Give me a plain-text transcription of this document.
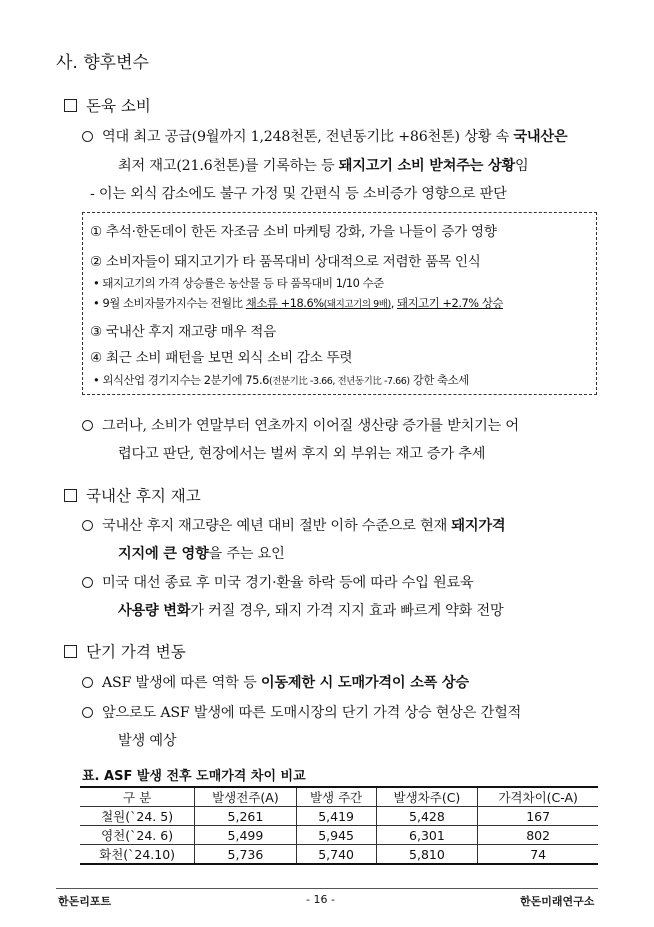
사. 향후변수
돈육 소비
역대 최고 공급(9월까지 1,248천톤, 전년동기比 +86천톤) 상황 속 국내산은
최저 재고(21.6천톤)를 기록하는 등 돼지고기 소비 받쳐주는 상황임
- 이는 외식 감소에도 불구 가정 및 간편식 등 소비증가 영향으로 판단
① 추석·한돈데이 한돈 자조금 소비 마케팅 강화, 가을 나들이 증가 영향
② 소비자들이 돼지고기가 타 품목대비 상대적으로 저렴한 품목 인식
• 돼지고기의 가격 상승률은 농산물 등 타 품목대비 1/10 수준
• 9월 소비자물가지수는 전월比 채소류 +18.6%(돼지고기의 9배), 돼지고기 +2.7% 상승
③ 국내산 후지 재고량 매우 적음
④ 최근 소비 패턴을 보면 외식 소비 감소 뚜렷
• 외식산업 경기지수는 2분기에 75.6(전분기比 -3.66, 전년동기比 -7.66) 강한 축소세
그러나, 소비가 연말부터 연초까지 이어질 생산량 증가를 받치기는 어
렵다고 판단, 현장에서는 벌써 후지 외 부위는 재고 증가 추세
국내산 후지 재고
국내산 후지 재고량은 예년 대비 절반 이하 수준으로 현재 돼지가격
지지에 큰 영향을 주는 요인
미국 대선 종료 후 미국 경기·환율 하락 등에 따라 수입 원료육
사용량 변화가 커질 경우, 돼지 가격 지지 효과 빠르게 약화 전망
단기 가격 변동
ASF 발생에 따른 역학 등 이동제한 시 도매가격이 소폭 상승
앞으로도 ASF 발생에 따른 도매시장의 단기 가격 상승 현상은 간헐적
발생 예상
표. ASF 발생 전후 도매가격 차이 비교
구 분	발생전주(A)	발생 주간	발생차주(C)	가격차이(C-A)
철원(`24. 5)	5,261	5,419	5,428	167
영천(`24. 6)	5,499	5,945	6,301	802
화천(`24.10)	5,736	5,740	5,810	74
한돈리포트	- 16 -	한돈미래연구소
